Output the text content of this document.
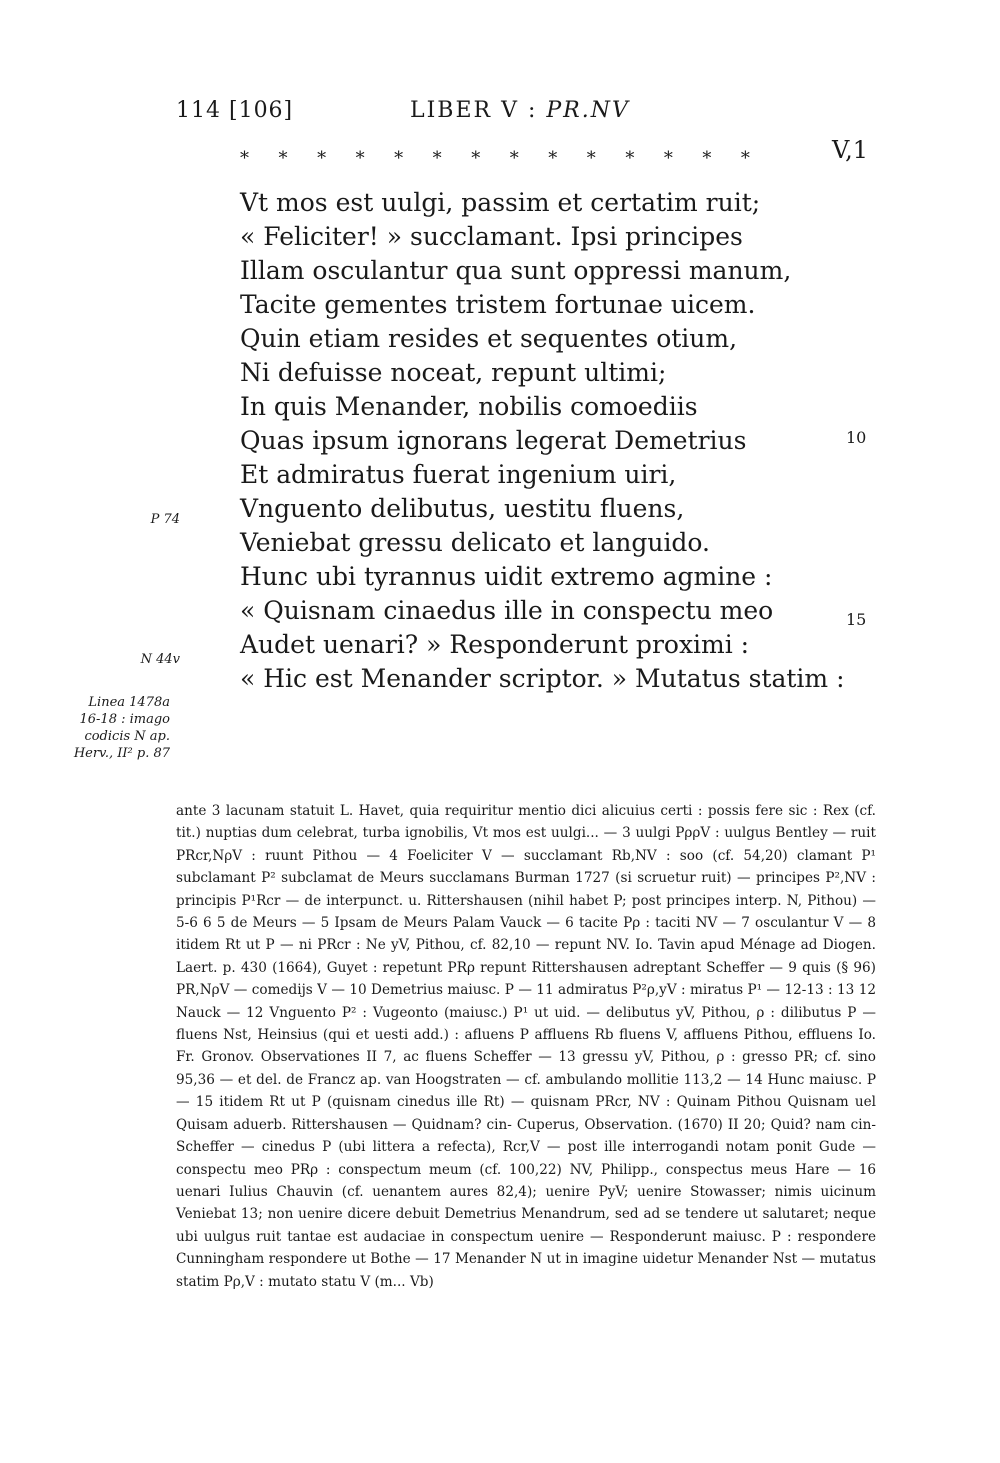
114 [106]	LIBER V : PR.NV
V,1
* * * * * * * * * * * * * *
Vt mos est uulgi, passim et certatim ruit;
« Feliciter! » succlamant. Ipsi principes
Illam osculantur qua sunt oppressi manum,
Tacite gementes tristem fortunae uicem.
Quin etiam resides et sequentes otium,
Ni defuisse noceat, repunt ultimi;
In quis Menander, nobilis comoediis
Quas ipsum ignorans legerat Demetrius
Et admiratus fuerat ingenium uiri,
Vnguento delibutus, uestitu fluens,
Veniebat gressu delicato et languido.
Hunc ubi tyrannus uidit extremo agmine :
« Quisnam cinaedus ille in conspectu meo
Audet uenari? » Responderunt proximi :
« Hic est Menander scriptor. » Mutatus statim :
10
15
P 74
N 44v
Linea 1478a
16-18 : imago
codicis N ap.
Herv., II² p. 87
ante 3 lacunam statuit L. Havet, quia requiritur mentio dici alicuius certi : possis fere sic : Rex (cf. tit.) nuptias dum celebrat, turba ignobilis, Vt mos est uulgi... — 3 uulgi PρρV : uulgus Bentley — ruit PRcr,NρV : ruunt Pithou — 4 Foeliciter V — succlamant Rb,NV : soo (cf. 54,20) clamant P¹ subclamant P² subclamat de Meurs succlamans Burman 1727 (si scruetur ruit) — principes P²,NV : principis P¹Rcr — de interpunct. u. Rittershausen (nihil habet P; post principes interp. N, Pithou) — 5-6 6 5 de Meurs — 5 Ipsam de Meurs Palam Vauck — 6 tacite Pρ : taciti NV — 7 osculantur V — 8 itidem Rt ut P — ni PRcr : Ne yV, Pithou, cf. 82,10 — repunt NV. Io. Tavin apud Ménage ad Diogen. Laert. p. 430 (1664), Guyet : repetunt PRρ repunt Rittershausen adreptant Scheffer — 9 quis (§ 96) PR,NρV — comedijs V — 10 Demetrius maiusc. P — 11 admiratus P²ρ,yV : miratus P¹ — 12-13 : 13 12 Nauck — 12 Vnguento P² : Vugeonto (maiusc.) P¹ ut uid. — delibutus yV, Pithou, ρ : dilibutus P — fluens Nst, Heinsius (qui et uesti add.) : afluens P affluens Rb fluens V, affluens Pithou, effluens Io. Fr. Gronov. Observationes II 7, ac fluens Scheffer — 13 gressu yV, Pithou, ρ : gresso PR; cf. sino 95,36 — et del. de Francz ap. van Hoogstraten — cf. ambulando mollitie 113,2 — 14 Hunc maiusc. P — 15 itidem Rt ut P (quisnam cinedus ille Rt) — quisnam PRcr, NV : Quinam Pithou Quisnam uel Quisam aduerb. Rittershausen — Quidnam? cin- Cuperus, Observation. (1670) II 20; Quid? nam cin- Scheffer — cinedus P (ubi littera a refecta), Rcr,V — post ille interrogandi notam ponit Gude — conspectu meo PRρ : conspectum meum (cf. 100,22) NV, Philipp., conspectus meus Hare — 16 uenari Iulius Chauvin (cf. uenantem aures 82,4); uenire PyV; uenire Stowasser; nimis uicinum Veniebat 13; non uenire dicere debuit Demetrius Menandrum, sed ad se tendere ut salutaret; neque ubi uulgus ruit tantae est audaciae in conspectum uenire — Responderunt maiusc. P : respondere Cunningham respondere ut Bothe — 17 Menander N ut in imagine uidetur Menander Nst — mutatus statim Pρ,V : mutato statu V (m... Vb)
